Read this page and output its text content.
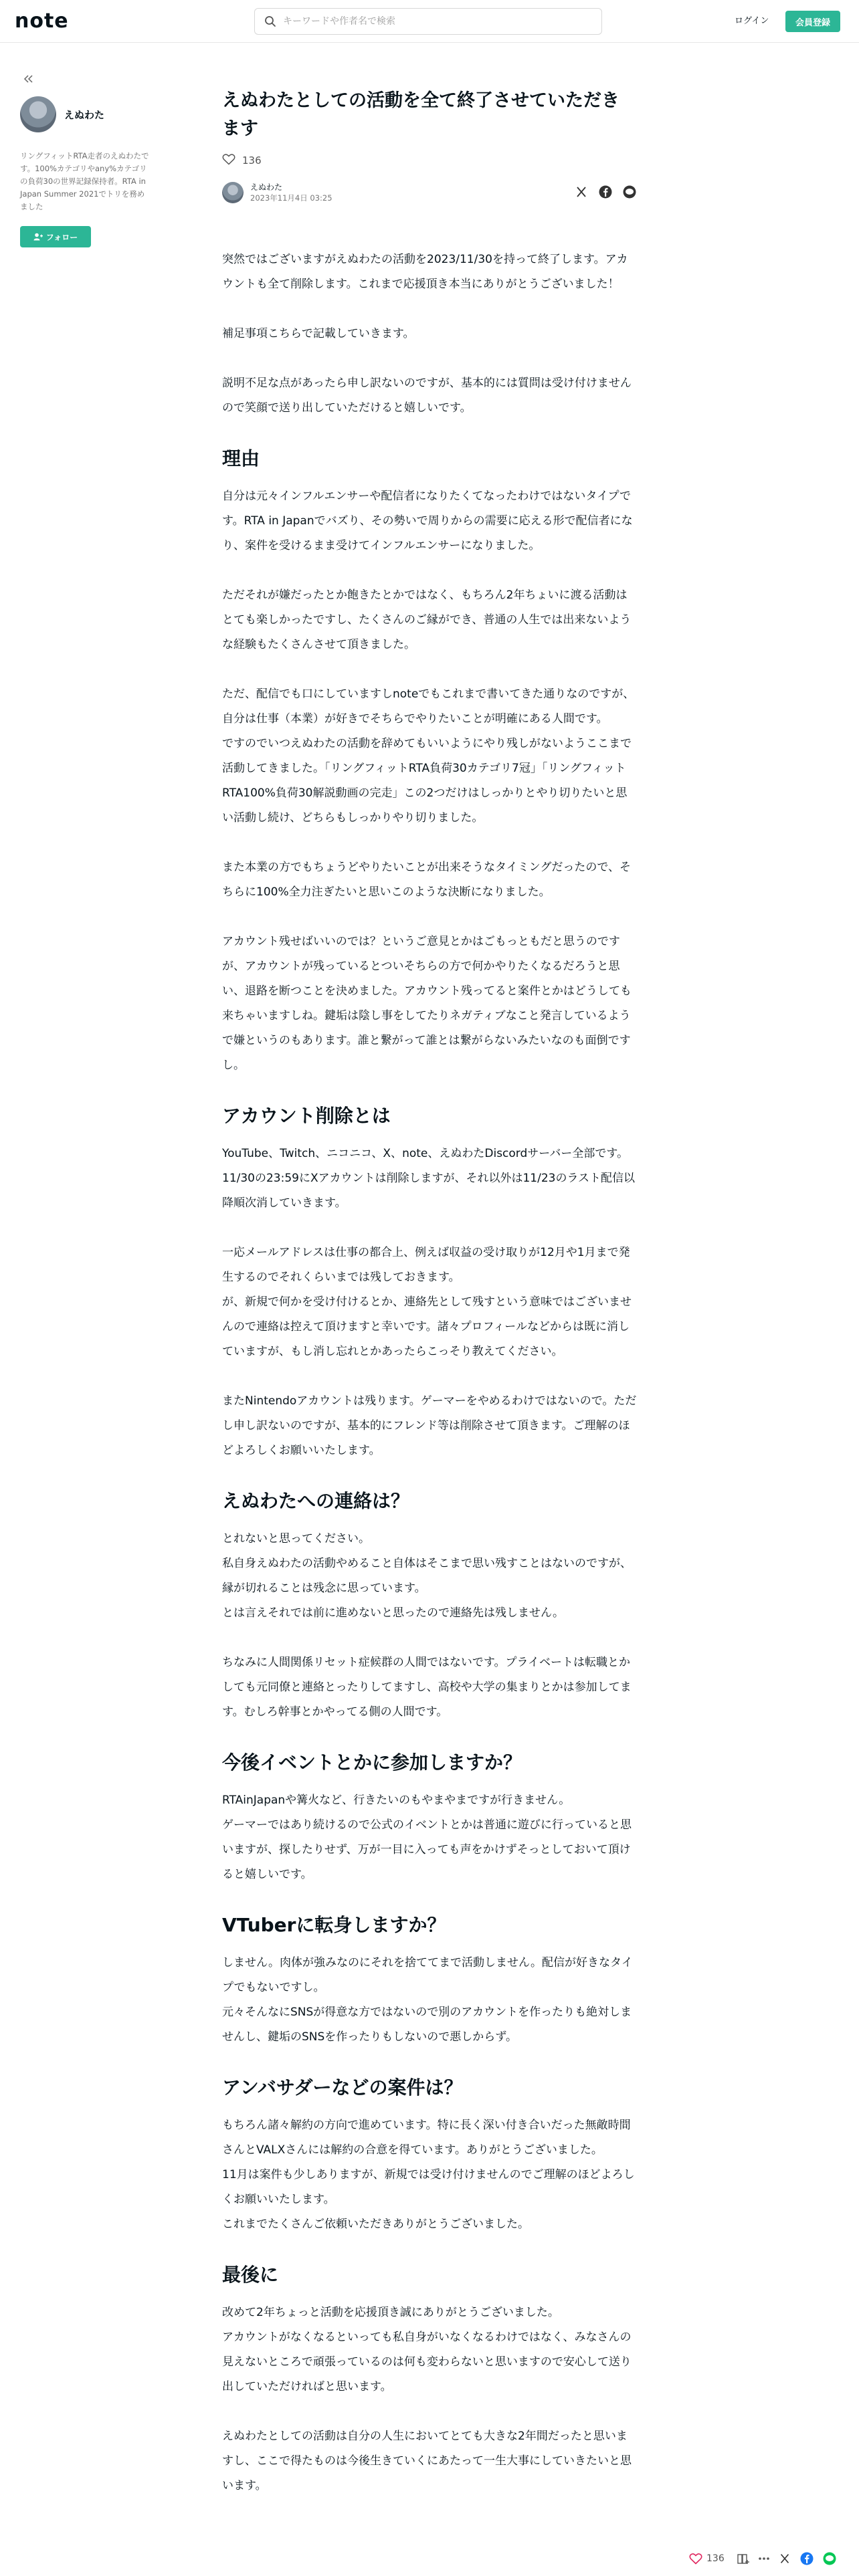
note
キーワードや作者名で検索	ログイン	会員登録
えぬわた
リングフィットRTA走者のえぬわたです。100%カテゴリやany%カテゴリの負荷30の世界記録保持者。RTA in Japan Summer 2021でトリを務めました
フォロー
えぬわたとしての活動を全て終了させていただきます
136
えぬわた
2023年11月4日 03:25

突然ではございますがえぬわたの活動を2023/11/30を持って終了します。アカウントも全て削除します。これまで応援頂き本当にありがとうございました！

補足事項こちらで記載していきます。

説明不足な点があったら申し訳ないのですが、基本的には質問は受け付けませんので笑顔で送り出していただけると嬉しいです。

理由

自分は元々インフルエンサーや配信者になりたくてなったわけではないタイプです。RTA in Japanでバズり、その勢いで周りからの需要に応える形で配信者になり、案件を受けるまま受けてインフルエンサーになりました。

ただそれが嫌だったとか飽きたとかではなく、もちろん2年ちょいに渡る活動はとても楽しかったですし、たくさんのご縁ができ、普通の人生では出来ないような経験もたくさんさせて頂きました。

ただ、配信でも口にしていますしnoteでもこれまで書いてきた通りなのですが、自分は仕事（本業）が好きでそちらでやりたいことが明確にある人間です。
ですのでいつえぬわたの活動を辞めてもいいようにやり残しがないようここまで活動してきました。「リングフィットRTA負荷30カテゴリ7冠」「リングフィットRTA100%負荷30解説動画の完走」この2つだけはしっかりとやり切りたいと思い活動し続け、どちらもしっかりやり切りました。

また本業の方でもちょうどやりたいことが出来そうなタイミングだったので、そちらに100%全力注ぎたいと思いこのような決断になりました。

アカウント残せばいいのでは？というご意見とかはごもっともだと思うのですが、アカウントが残っているとついそちらの方で何かやりたくなるだろうと思い、退路を断つことを決めました。アカウント残ってると案件とかはどうしても来ちゃいますしね。鍵垢は陰し事をしてたりネガティブなこと発言しているようで嫌というのもあります。誰と繋がって誰とは繋がらないみたいなのも面倒ですし。

アカウント削除とは

YouTube、Twitch、ニコニコ、X、note、えぬわたDiscordサーバー全部です。
11/30の23:59にXアカウントは削除しますが、それ以外は11/23のラスト配信以降順次消していきます。

一応メールアドレスは仕事の都合上、例えば収益の受け取りが12月や1月まで発生するのでそれくらいまでは残しておきます。
が、新規で何かを受け付けるとか、連絡先として残すという意味ではございませんので連絡は控えて頂けますと幸いです。諸々プロフィールなどからは既に消していますが、もし消し忘れとかあったらこっそり教えてください。

またNintendoアカウントは残ります。ゲーマーをやめるわけではないので。ただし申し訳ないのですが、基本的にフレンド等は削除させて頂きます。ご理解のほどよろしくお願いいたします。

えぬわたへの連絡は？

とれないと思ってください。
私自身えぬわたの活動やめること自体はそこまで思い残すことはないのですが、縁が切れることは残念に思っています。
とは言えそれでは前に進めないと思ったので連絡先は残しません。

ちなみに人間関係リセット症候群の人間ではないです。プライベートは転職とかしても元同僚と連絡とったりしてますし、高校や大学の集まりとかは参加してます。むしろ幹事とかやってる側の人間です。

今後イベントとかに参加しますか？

RTAinJapanや篝火など、行きたいのもやまやまですが行きません。
ゲーマーではあり続けるので公式のイベントとかは普通に遊びに行っていると思いますが、探したりせず、万が一目に入っても声をかけずそっとしておいて頂けると嬉しいです。

VTuberに転身しますか？

しません。肉体が強みなのにそれを捨ててまで活動しません。配信が好きなタイプでもないですし。
元々そんなにSNSが得意な方ではないので別のアカウントを作ったりも絶対しませんし、鍵垢のSNSを作ったりもしないので悪しからず。

アンバサダーなどの案件は？

もちろん諸々解約の方向で進めています。特に長く深い付き合いだった無敵時間さんとVALXさんには解約の合意を得ています。ありがとうございました。
11月は案件も少しありますが、新規では受け付けませんのでご理解のほどよろしくお願いいたします。
これまでたくさんご依頼いただきありがとうございました。

最後に

改めて2年ちょっと活動を応援頂き誠にありがとうございました。
アカウントがなくなるといっても私自身がいなくなるわけではなく、みなさんの見えないところで頑張っているのは何も変わらないと思いますので安心して送り出していただければと思います。

えぬわたとしての活動は自分の人生においてとても大きな2年間だったと思いますし、ここで得たものは今後生きていくにあたって一生大事にしていきたいと思います。

136
